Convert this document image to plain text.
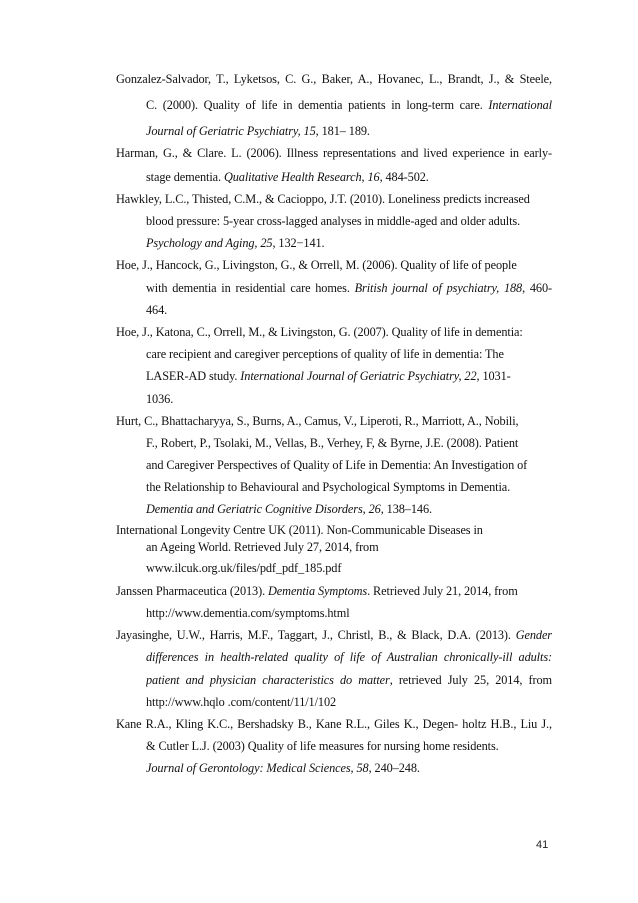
Gonzalez-Salvador, T., Lyketsos, C. G., Baker, A., Hovanec, L., Brandt, J., & Steele,
C. (2000). Quality of life in dementia patients in long-term care. International
Journal of Geriatric Psychiatry, 15, 181– 189.
Harman, G., & Clare. L. (2006). Illness representations and lived experience in early-
stage dementia. Qualitative Health Research, 16, 484-502.
Hawkley, L.C., Thisted, C.M., & Cacioppo, J.T. (2010). Loneliness predicts increased
blood pressure: 5-year cross-lagged analyses in middle-aged and older adults.
Psychology and Aging, 25, 132−141.
Hoe, J., Hancock, G., Livingston, G., & Orrell, M. (2006). Quality of life of people
with dementia in residential care homes. British journal of psychiatry, 188, 460-
464.
Hoe, J., Katona, C., Orrell, M., & Livingston, G. (2007). Quality of life in dementia:
care recipient and caregiver perceptions of quality of life in dementia: The
LASER-AD study. International Journal of Geriatric Psychiatry, 22, 1031-
1036.
Hurt, C., Bhattacharyya, S., Burns, A., Camus, V., Liperoti, R., Marriott, A., Nobili,
F., Robert, P., Tsolaki, M., Vellas, B., Verhey, F, & Byrne, J.E. (2008). Patient
and Caregiver Perspectives of Quality of Life in Dementia: An Investigation of
the Relationship to Behavioural and Psychological Symptoms in Dementia.
Dementia and Geriatric Cognitive Disorders, 26, 138–146.
International Longevity Centre UK (2011). Non-Communicable Diseases in
an Ageing World. Retrieved July 27, 2014, from
www.ilcuk.org.uk/files/pdf_pdf_185.pdf
Janssen Pharmaceutica (2013). Dementia Symptoms. Retrieved July 21, 2014, from
http://www.dementia.com/symptoms.html
Jayasinghe, U.W., Harris, M.F., Taggart, J., Christl, B., & Black, D.A. (2013). Gender
differences in health-related quality of life of Australian chronically-ill adults:
patient and physician characteristics do matter, retrieved July 25, 2014, from
http://www.hqlo .com/content/11/1/102
Kane R.A., Kling K.C., Bershadsky B., Kane R.L., Giles K., Degen- holtz H.B., Liu J.,
& Cutler L.J. (2003) Quality of life measures for nursing home residents.
Journal of Gerontology: Medical Sciences, 58, 240–248.
41
